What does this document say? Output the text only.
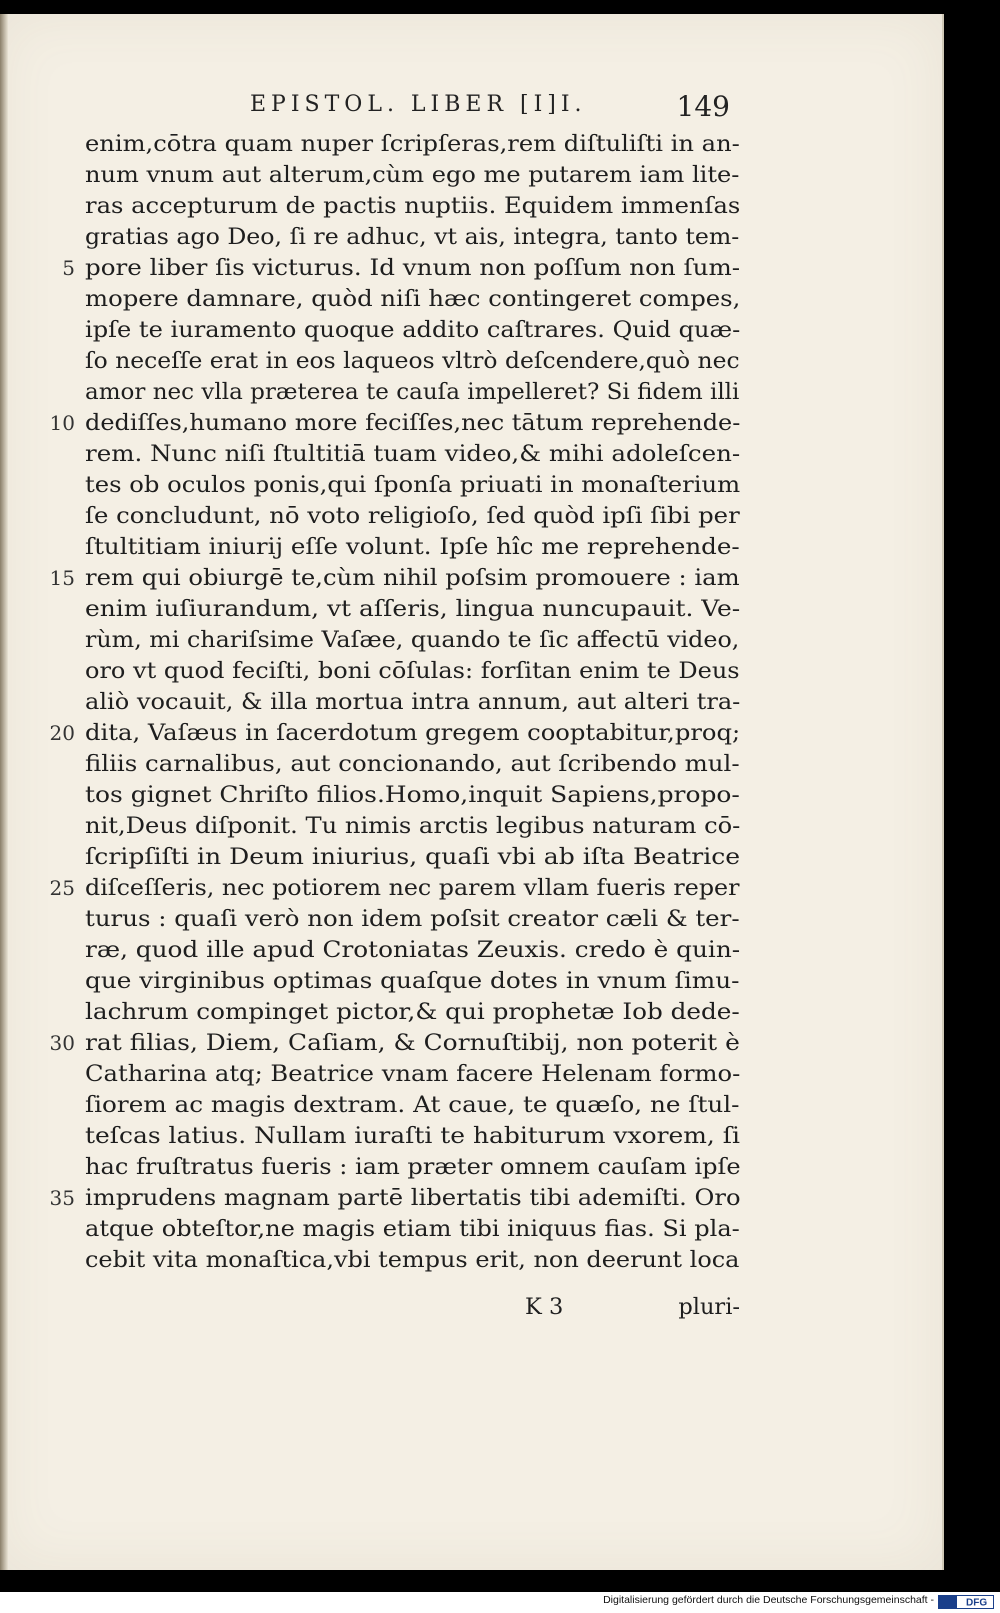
EPISTOL. LIBER [I]I.	149
enim,cōtra quam nuper ſcripſeras,rem diſtuliſti in an-
num vnum aut alterum,cùm ego me putarem iam lite-
ras accepturum de pactis nuptiis. Equidem immenſas
gratias ago Deo, ſi re adhuc, vt ais, integra, tanto tem-
5 pore liber ſis victurus. Id vnum non poſſum non ſum-
mopere damnare, quòd niſi hæc contingeret compes,
ipſe te iuramento quoque addito caſtrares. Quid quæ-
ſo neceſſe erat in eos laqueos vltrò deſcendere,quò nec
amor nec vlla præterea te cauſa impelleret? Si fidem illi
10 dediſſes,humano more feciſſes,nec tātum reprehende-
rem. Nunc niſi ſtultitiā tuam video,& mihi adoleſcen-
tes ob oculos ponis,qui ſponſa priuati in monaſterium
ſe concludunt, nō voto religioſo, ſed quòd ipſi ſibi per
ſtultitiam iniurij eſſe volunt. Ipſe hîc me reprehende-
15 rem qui obiurgē te,cùm nihil poſsim promouere : iam
enim iuſiurandum, vt aſſeris, lingua nuncupauit. Ve-
rùm, mi chariſsime Vaſæe, quando te ſic affectū video,
oro vt quod feciſti, boni cōſulas: forſitan enim te Deus
aliò vocauit, & illa mortua intra annum, aut alteri tra-
20 dita, Vaſæus in ſacerdotum gregem cooptabitur,proq;
filiis carnalibus, aut concionando, aut ſcribendo mul-
tos gignet Chriſto filios.Homo,inquit Sapiens,propo-
nit,Deus diſponit. Tu nimis arctis legibus naturam cō-
ſcripſiſti in Deum iniurius, quaſi vbi ab iſta Beatrice
25 diſceſſeris, nec potiorem nec parem vllam fueris reper
turus : quaſi verò non idem poſsit creator cæli & ter-
ræ, quod ille apud Crotoniatas Zeuxis. credo è quin-
que virginibus optimas quaſque dotes in vnum ſimu-
lachrum compinget pictor,& qui prophetæ Iob dede-
30 rat filias, Diem, Caſiam, & Cornuſtibij, non poterit è
Catharina atq; Beatrice vnam facere Helenam formo-
ſiorem ac magis dextram. At caue, te quæſo, ne ſtul-
teſcas latius. Nullam iuraſti te habiturum vxorem, ſi
hac fruſtratus fueris : iam præter omnem cauſam ipſe
35 imprudens magnam partē libertatis tibi ademiſti. Oro
atque obteſtor,ne magis etiam tibi iniquus fias. Si pla-
cebit vita monaſtica,vbi tempus erit, non deerunt loca
K 3	pluri-
Digitalisierung gefördert durch die Deutsche Forschungsgemeinschaft -	DFG
